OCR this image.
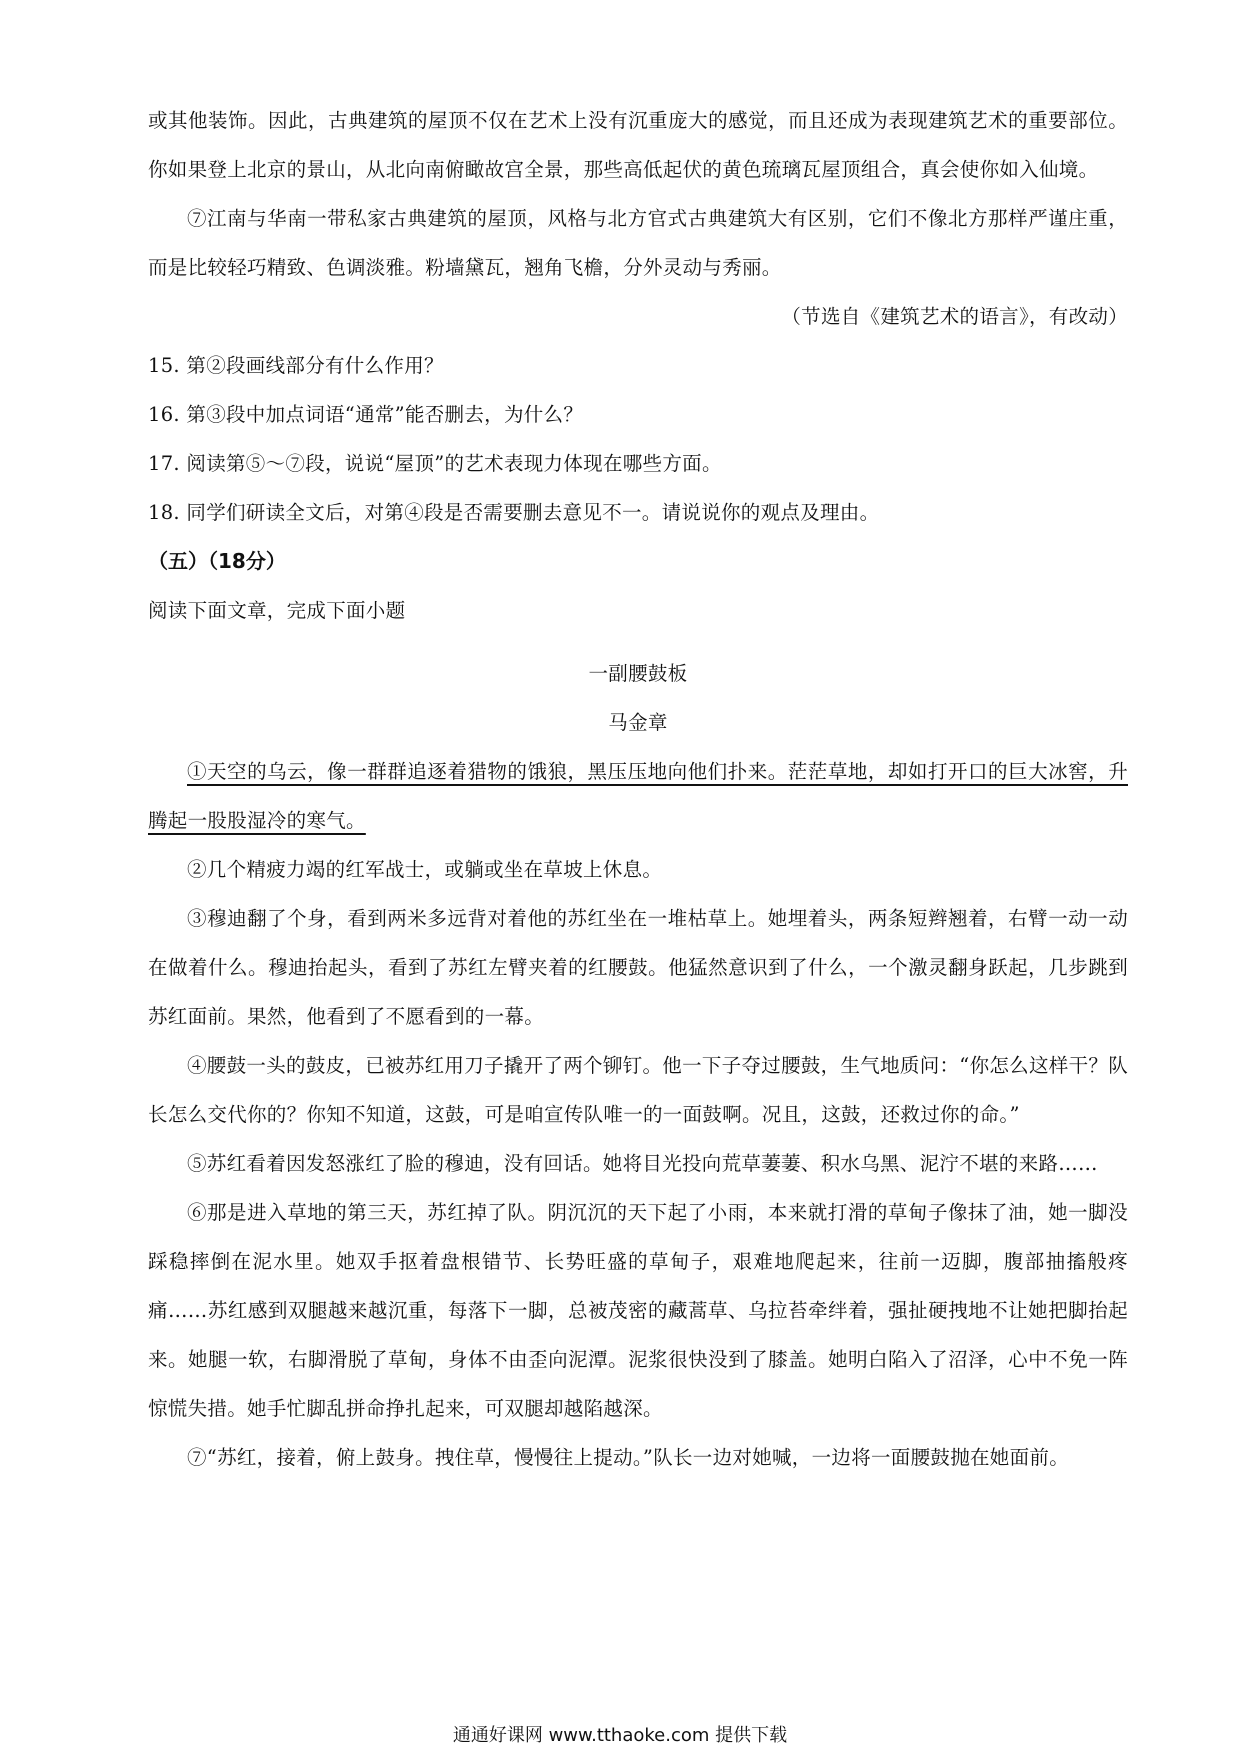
或其他装饰。因此，古典建筑的屋顶不仅在艺术上没有沉重庞大的感觉，而且还成为表现建筑艺术的重要部位。你如果登上北京的景山，从北向南俯瞰故宫全景，那些高低起伏的黄色琉璃瓦屋顶组合，真会使你如入仙境。

⑦江南与华南一带私家古典建筑的屋顶，风格与北方官式古典建筑大有区别，它们不像北方那样严谨庄重，而是比较轻巧精致、色调淡雅。粉墙黛瓦，翘角飞檐，分外灵动与秀丽。

（节选自《建筑艺术的语言》，有改动）

15. 第②段画线部分有什么作用？

16. 第③段中加点词语“通常”能否删去，为什么？

17. 阅读第⑤～⑦段，说说“屋顶”的艺术表现力体现在哪些方面。

18. 同学们研读全文后，对第④段是否需要删去意见不一。请说说你的观点及理由。

（五）（18分）

阅读下面文章，完成下面小题

一副腰鼓板

马金章

①天空的乌云，像一群群追逐着猎物的饿狼，黑压压地向他们扑来。茫茫草地，却如打开口的巨大冰窖，升腾起一股股湿冷的寒气。

②几个精疲力竭的红军战士，或躺或坐在草坡上休息。

③穆迪翻了个身，看到两米多远背对着他的苏红坐在一堆枯草上。她埋着头，两条短辫翘着，右臂一动一动在做着什么。穆迪抬起头，看到了苏红左臂夹着的红腰鼓。他猛然意识到了什么，一个激灵翻身跃起，几步跳到苏红面前。果然，他看到了不愿看到的一幕。

④腰鼓一头的鼓皮，已被苏红用刀子撬开了两个铆钉。他一下子夺过腰鼓，生气地质问：“你怎么这样干？队长怎么交代你的？你知不知道，这鼓，可是咱宣传队唯一的一面鼓啊。况且，这鼓，还救过你的命。”

⑤苏红看着因发怒涨红了脸的穆迪，没有回话。她将目光投向荒草萋萋、积水乌黑、泥泞不堪的来路……

⑥那是进入草地的第三天，苏红掉了队。阴沉沉的天下起了小雨，本来就打滑的草甸子像抹了油，她一脚没踩稳摔倒在泥水里。她双手抠着盘根错节、长势旺盛的草甸子，艰难地爬起来，往前一迈脚，腹部抽搐般疼痛……苏红感到双腿越来越沉重，每落下一脚，总被茂密的藏蒿草、乌拉苔牵绊着，强扯硬拽地不让她把脚抬起来。她腿一软，右脚滑脱了草甸，身体不由歪向泥潭。泥浆很快没到了膝盖。她明白陷入了沼泽，心中不免一阵惊慌失措。她手忙脚乱拼命挣扎起来，可双腿却越陷越深。

⑦“苏红，接着，俯上鼓身。拽住草，慢慢往上提动。”队长一边对她喊，一边将一面腰鼓抛在她面前。

通通好课网 www.tthaoke.com 提供下载
